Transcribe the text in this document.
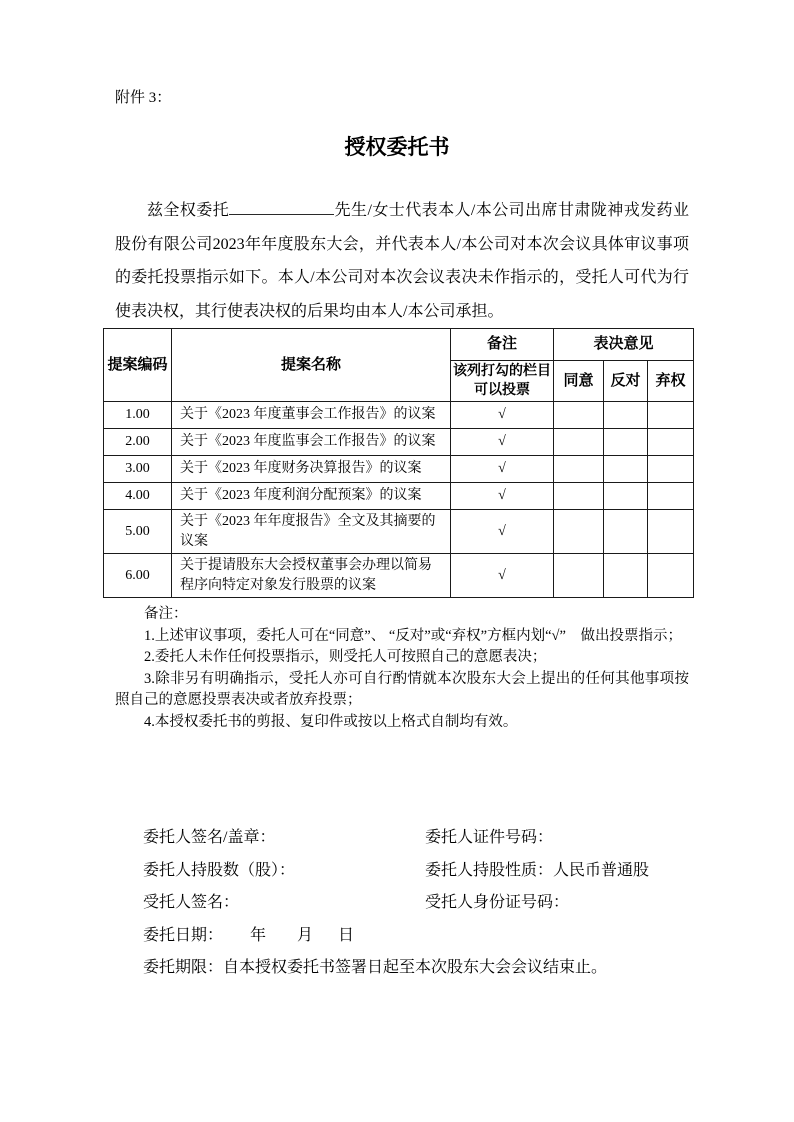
附件 3：
授权委托书

兹全权委托	先生/女士代表本人/本公司出席甘肃陇神戎发药业股份有限公司2023年年度股东大会，并代表本人/本公司对本次会议具体审议事项的委托投票指示如下。本人/本公司对本次会议表决未作指示的，受托人可代为行使表决权，其行使表决权的后果均由本人/本公司承担。

提案编码	提案名称	备注	表决意见		
		该列打勾的栏目可以投票	同意	反对	弃权
1.00	关于《2023 年度董事会工作报告》的议案	√			
2.00	关于《2023 年度监事会工作报告》的议案	√			
3.00	关于《2023 年度财务决算报告》的议案	√			
4.00	关于《2023 年度利润分配预案》的议案	√			
5.00	关于《2023 年年度报告》全文及其摘要的议案	√			
6.00	关于提请股东大会授权董事会办理以简易程序向特定对象发行股票的议案	√			

备注：

1.上述审议事项，委托人可在“同意”、 “反对”或“弃权”方框内划“√”　做出投票指示；

2.委托人未作任何投票指示，则受托人可按照自己的意愿表决；

3.除非另有明确指示，受托人亦可自行酌情就本次股东大会上提出的任何其他事项按照自己的意愿投票表决或者放弃投票；

4.本授权委托书的剪报、复印件或按以上格式自制均有效。

委托人签名/盖章：	委托人证件号码：
委托人持股数（股）：	委托人持股性质：人民币普通股
受托人签名：	受托人身份证号码：
委托日期： 年 月 日
委托期限：自本授权委托书签署日起至本次股东大会会议结束止。
